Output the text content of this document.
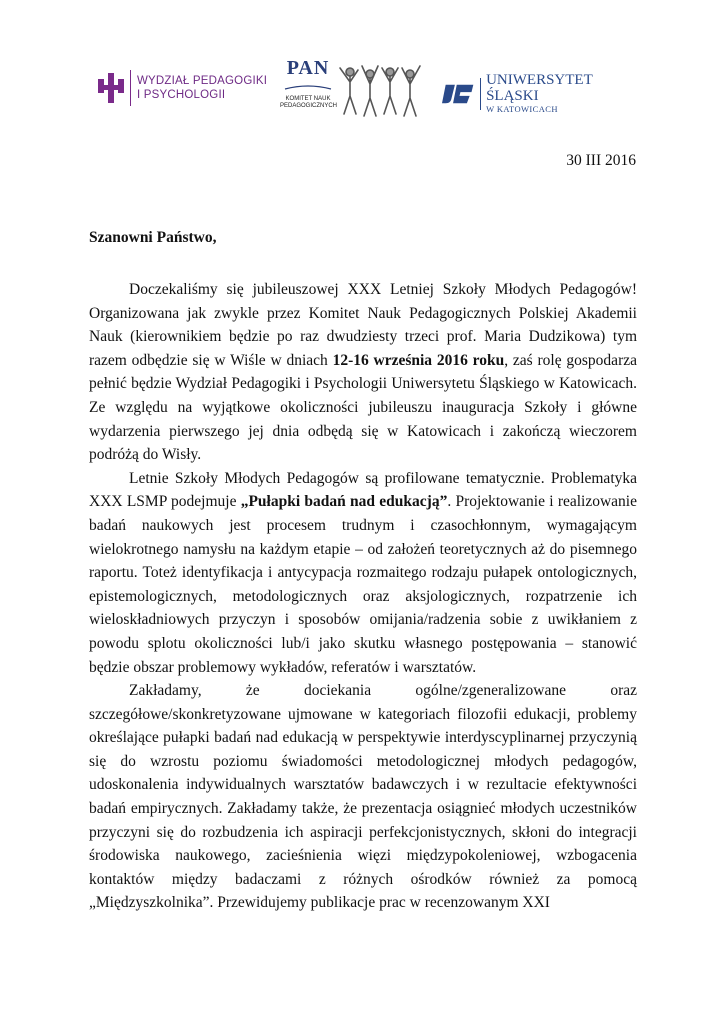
WYDZIAŁ PEDAGOGIKI
I PSYCHOLOGII
PAN
KOMITET NAUK
PEDAGOGICZNYCH
UNIWERSYTET ŚLĄSKI
W KATOWICACH
30 III 2016
Szanowni Państwo,

Doczekaliśmy się jubileuszowej XXX Letniej Szkoły Młodych Pedagogów! Organizowana jak zwykle przez Komitet Nauk Pedagogicznych Polskiej Akademii Nauk (kierownikiem będzie po raz dwudziesty trzeci prof. Maria Dudzikowa) tym razem odbędzie się w Wiśle w dniach 12-16 września 2016 roku, zaś rolę gospodarza pełnić będzie Wydział Pedagogiki i Psychologii Uniwersytetu Śląskiego w Katowicach. Ze względu na wyjątkowe okoliczności jubileuszu inauguracja Szkoły i główne wydarzenia pierwszego jej dnia odbędą się w Katowicach i zakończą wieczorem podróżą do Wisły.

Letnie Szkoły Młodych Pedagogów są profilowane tematycznie. Problematyka XXX LSMP podejmuje „Pułapki badań nad edukacją”. Projektowanie i realizowanie badań naukowych jest procesem trudnym i czasochłonnym, wymagającym wielokrotnego namysłu na każdym etapie – od założeń teoretycznych aż do pisemnego raportu. Toteż identyfikacja i antycypacja rozmaitego rodzaju pułapek ontologicznych, epistemologicznych, metodologicznych oraz aksjologicznych, rozpatrzenie ich wieloskładniowych przyczyn i sposobów omijania/radzenia sobie z uwikłaniem z powodu splotu okoliczności lub/i jako skutku własnego postępowania – stanowić będzie obszar problemowy wykładów, referatów i warsztatów.

Zakładamy, że dociekania ogólne/zgeneralizowane oraz szczegółowe/skonkretyzowane ujmowane w kategoriach filozofii edukacji, problemy określające pułapki badań nad edukacją w perspektywie interdyscyplinarnej przyczynią się do wzrostu poziomu świadomości metodologicznej młodych pedagogów, udoskonalenia indywidualnych warsztatów badawczych i w rezultacie efektywności badań empirycznych. Zakładamy także, że prezentacja osiągnieć młodych uczestników przyczyni się do rozbudzenia ich aspiracji perfekcjonistycznych, skłoni do integracji środowiska naukowego, zacieśnienia więzi międzypokoleniowej, wzbogacenia kontaktów między badaczami z różnych ośrodków również za pomocą „Międzyszkolnika”. Przewidujemy publikacje prac w recenzowanym XXI
